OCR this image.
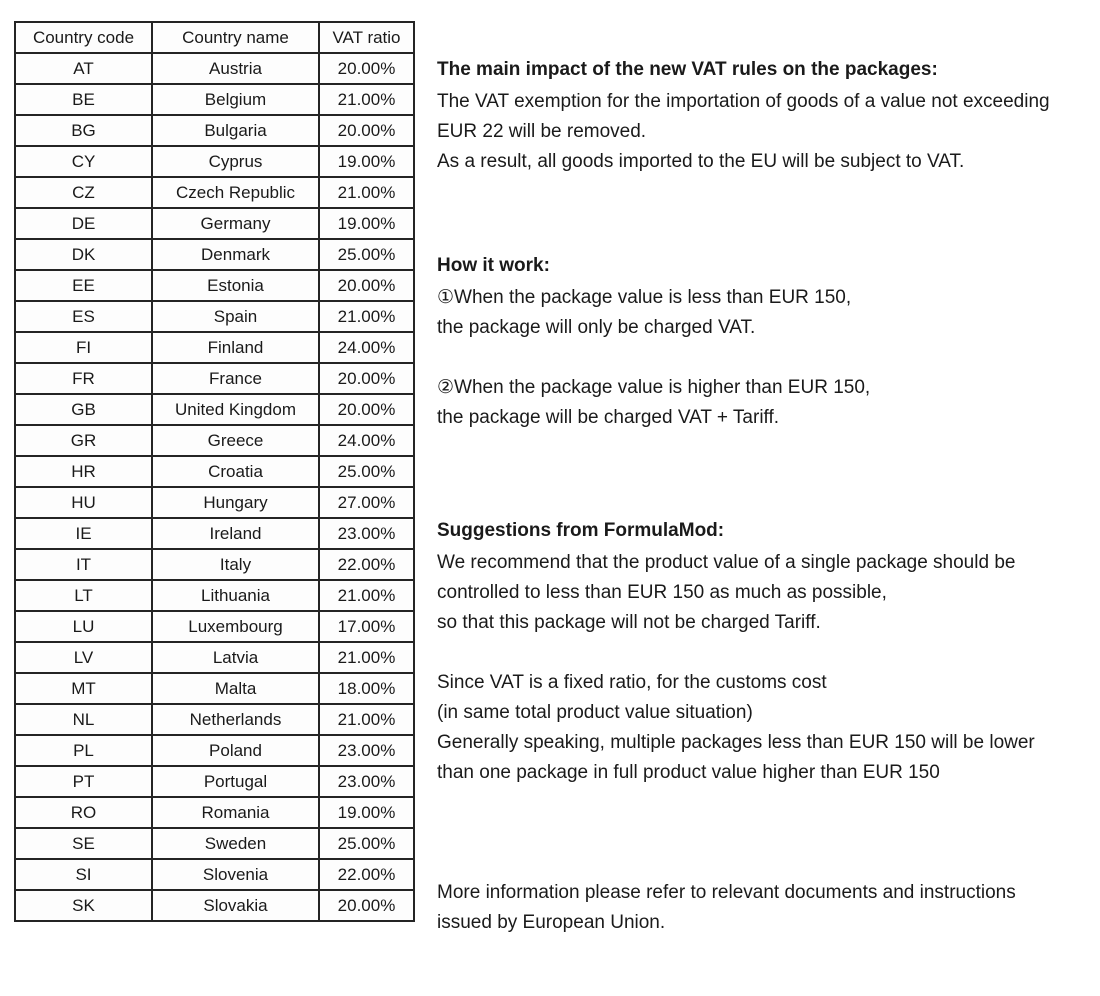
Country code	Country name	VAT ratio
AT	Austria	20.00%
BE	Belgium	21.00%
BG	Bulgaria	20.00%
CY	Cyprus	19.00%
CZ	Czech Republic	21.00%
DE	Germany	19.00%
DK	Denmark	25.00%
EE	Estonia	20.00%
ES	Spain	21.00%
FI	Finland	24.00%
FR	France	20.00%
GB	United Kingdom	20.00%
GR	Greece	24.00%
HR	Croatia	25.00%
HU	Hungary	27.00%
IE	Ireland	23.00%
IT	Italy	22.00%
LT	Lithuania	21.00%
LU	Luxembourg	17.00%
LV	Latvia	21.00%
MT	Malta	18.00%
NL	Netherlands	21.00%
PL	Poland	23.00%
PT	Portugal	23.00%
RO	Romania	19.00%
SE	Sweden	25.00%
SI	Slovenia	22.00%
SK	Slovakia	20.00%
The main impact of the new VAT rules on the packages:
The VAT exemption for the importation of goods of a value not exceeding
EUR 22 will be removed.
As a result, all goods imported to the EU will be subject to VAT.
How it work:
①When the package value is less than EUR 150,
the package will only be charged VAT.

②When the package value is higher than EUR 150,
the package will be charged VAT + Tariff.
Suggestions from FormulaMod:
We recommend that the product value of a single package should be
controlled to less than EUR 150 as much as possible,
so that this package will not be charged Tariff.

Since VAT is a fixed ratio, for the customs cost
(in same total product value situation)
Generally speaking, multiple packages less than EUR 150 will be lower
than one package in full product value higher than EUR 150
More information please refer to relevant documents and instructions
issued by European Union.
